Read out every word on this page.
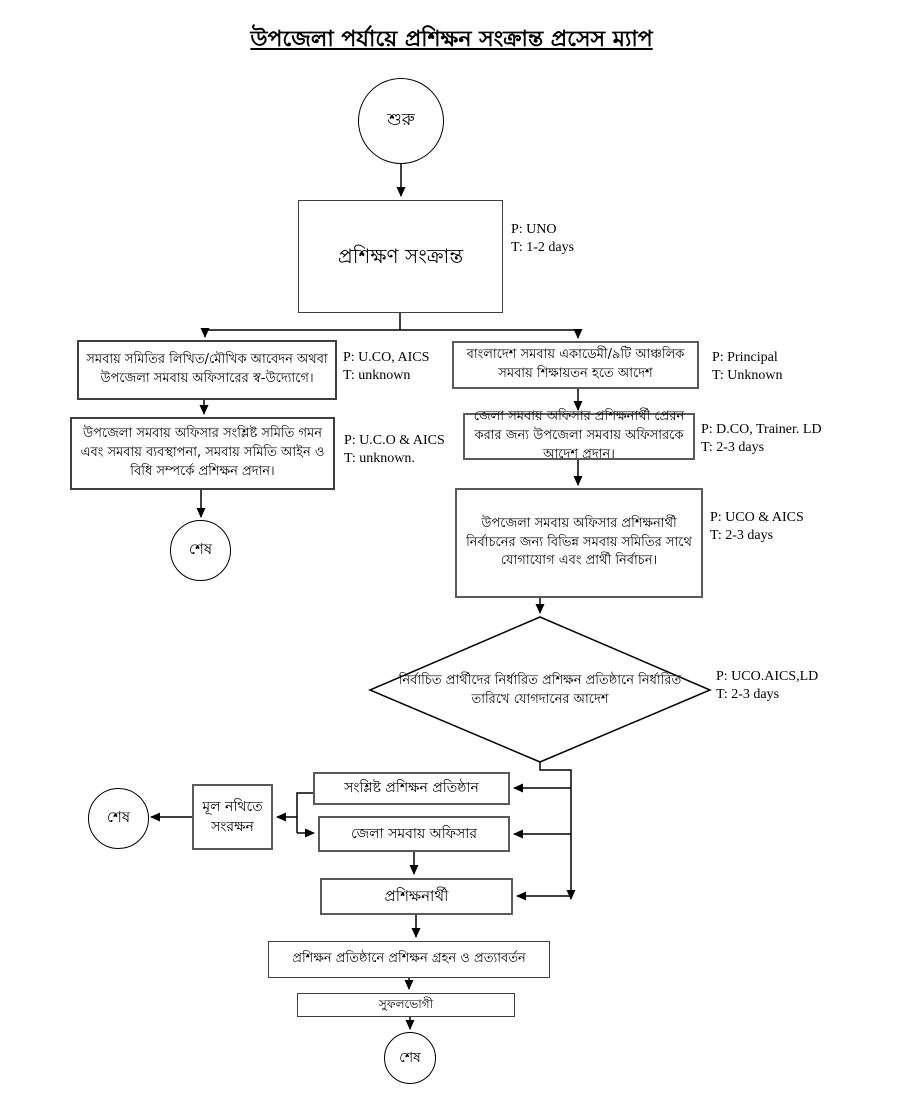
উপজেলা পর্যায়ে প্রশিক্ষন সংক্রান্ত প্রসেস ম্যাপ
শুরু
প্রশিক্ষণ সংক্রান্ত
P: UNO
T: 1-2 days
সমবায় সমিতির লিখিত/মৌখিক আবেদন অথবা উপজেলা সমবায় অফিসারের স্ব-উদ্যোগে।
P: U.CO, AICS
T: unknown
উপজেলা সমবায় অফিসার সংশ্লিষ্ট সমিতি গমন এবং সমবায় ব্যবস্থাপনা, সমবায় সমিতি আইন ও বিধি সম্পর্কে প্রশিক্ষন প্রদান।
P: U.C.O & AICS
T: unknown.
শেষ
বাংলাদেশ সমবায় একাডেমী/৯টি আঞ্চলিক সমবায় শিক্ষায়তন হতে আদেশ
P: Principal
T: Unknown
জেলা সমবায় অফিসার প্রশিক্ষনার্থী প্রেরন করার জন্য উপজেলা সমবায় অফিসারকে আদেশ প্রদান।
P: D.CO, Trainer. LD
T: 2-3 days
উপজেলা সমবায় অফিসার প্রশিক্ষনার্থী নির্বাচনের জন্য বিভিন্ন সমবায় সমিতির সাথে যোগাযোগ এবং প্রার্থী নির্বাচন।
P: UCO & AICS
T: 2-3 days
নির্বাচিত প্রার্থীদের নির্ধারিত প্রশিক্ষন প্রতিষ্ঠানে নির্ধারিত তারিখে যোগদানের আদেশ
P: UCO.AICS,LD
T: 2-3 days
সংশ্লিষ্ট প্রশিক্ষন প্রতিষ্ঠান
জেলা সমবায় অফিসার
মূল নথিতে সংরক্ষন
শেষ
প্রশিক্ষনার্থী
প্রশিক্ষন প্রতিষ্ঠানে প্রশিক্ষন গ্রহন ও প্রত্যাবর্তন
সুফলভোগী
শেষ
